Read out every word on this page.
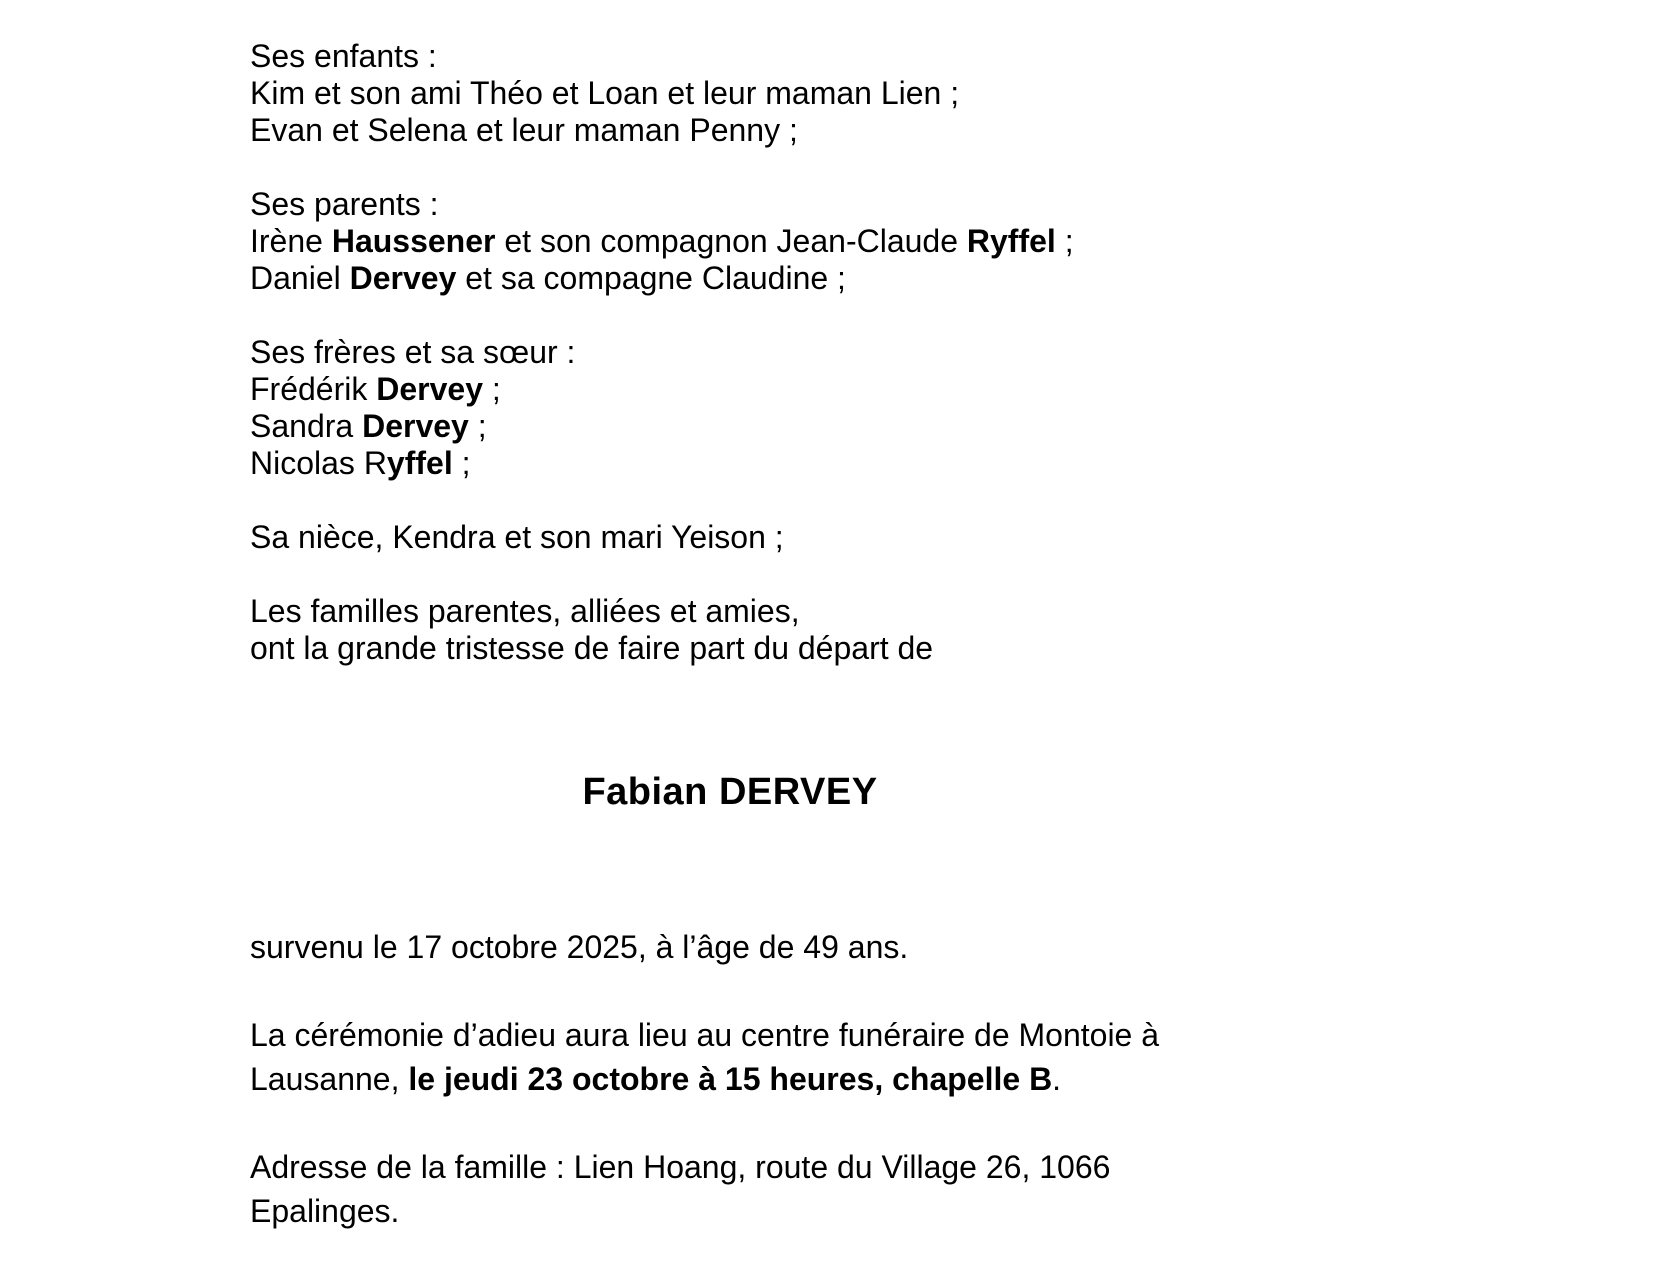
Ses enfants :
Kim et son ami Théo et Loan et leur maman Lien ;
Evan et Selena et leur maman Penny ;
Ses parents :
Irène Haussener et son compagnon Jean-Claude Ryffel ;
Daniel Dervey et sa compagne Claudine ;
Ses frères et sa sœur :
Frédérik Dervey ;
Sandra Dervey ;
Nicolas Ryffel ;
Sa nièce, Kendra et son mari Yeison ;
Les familles parentes, alliées et amies,
ont la grande tristesse de faire part du départ de
Fabian DERVEY
survenu le 17 octobre 2025, à l’âge de 49 ans.
La cérémonie d’adieu aura lieu au centre funéraire de Montoie à
Lausanne, le jeudi 23 octobre à 15 heures, chapelle B.
Adresse de la famille : Lien Hoang, route du Village 26, 1066
Epalinges.
